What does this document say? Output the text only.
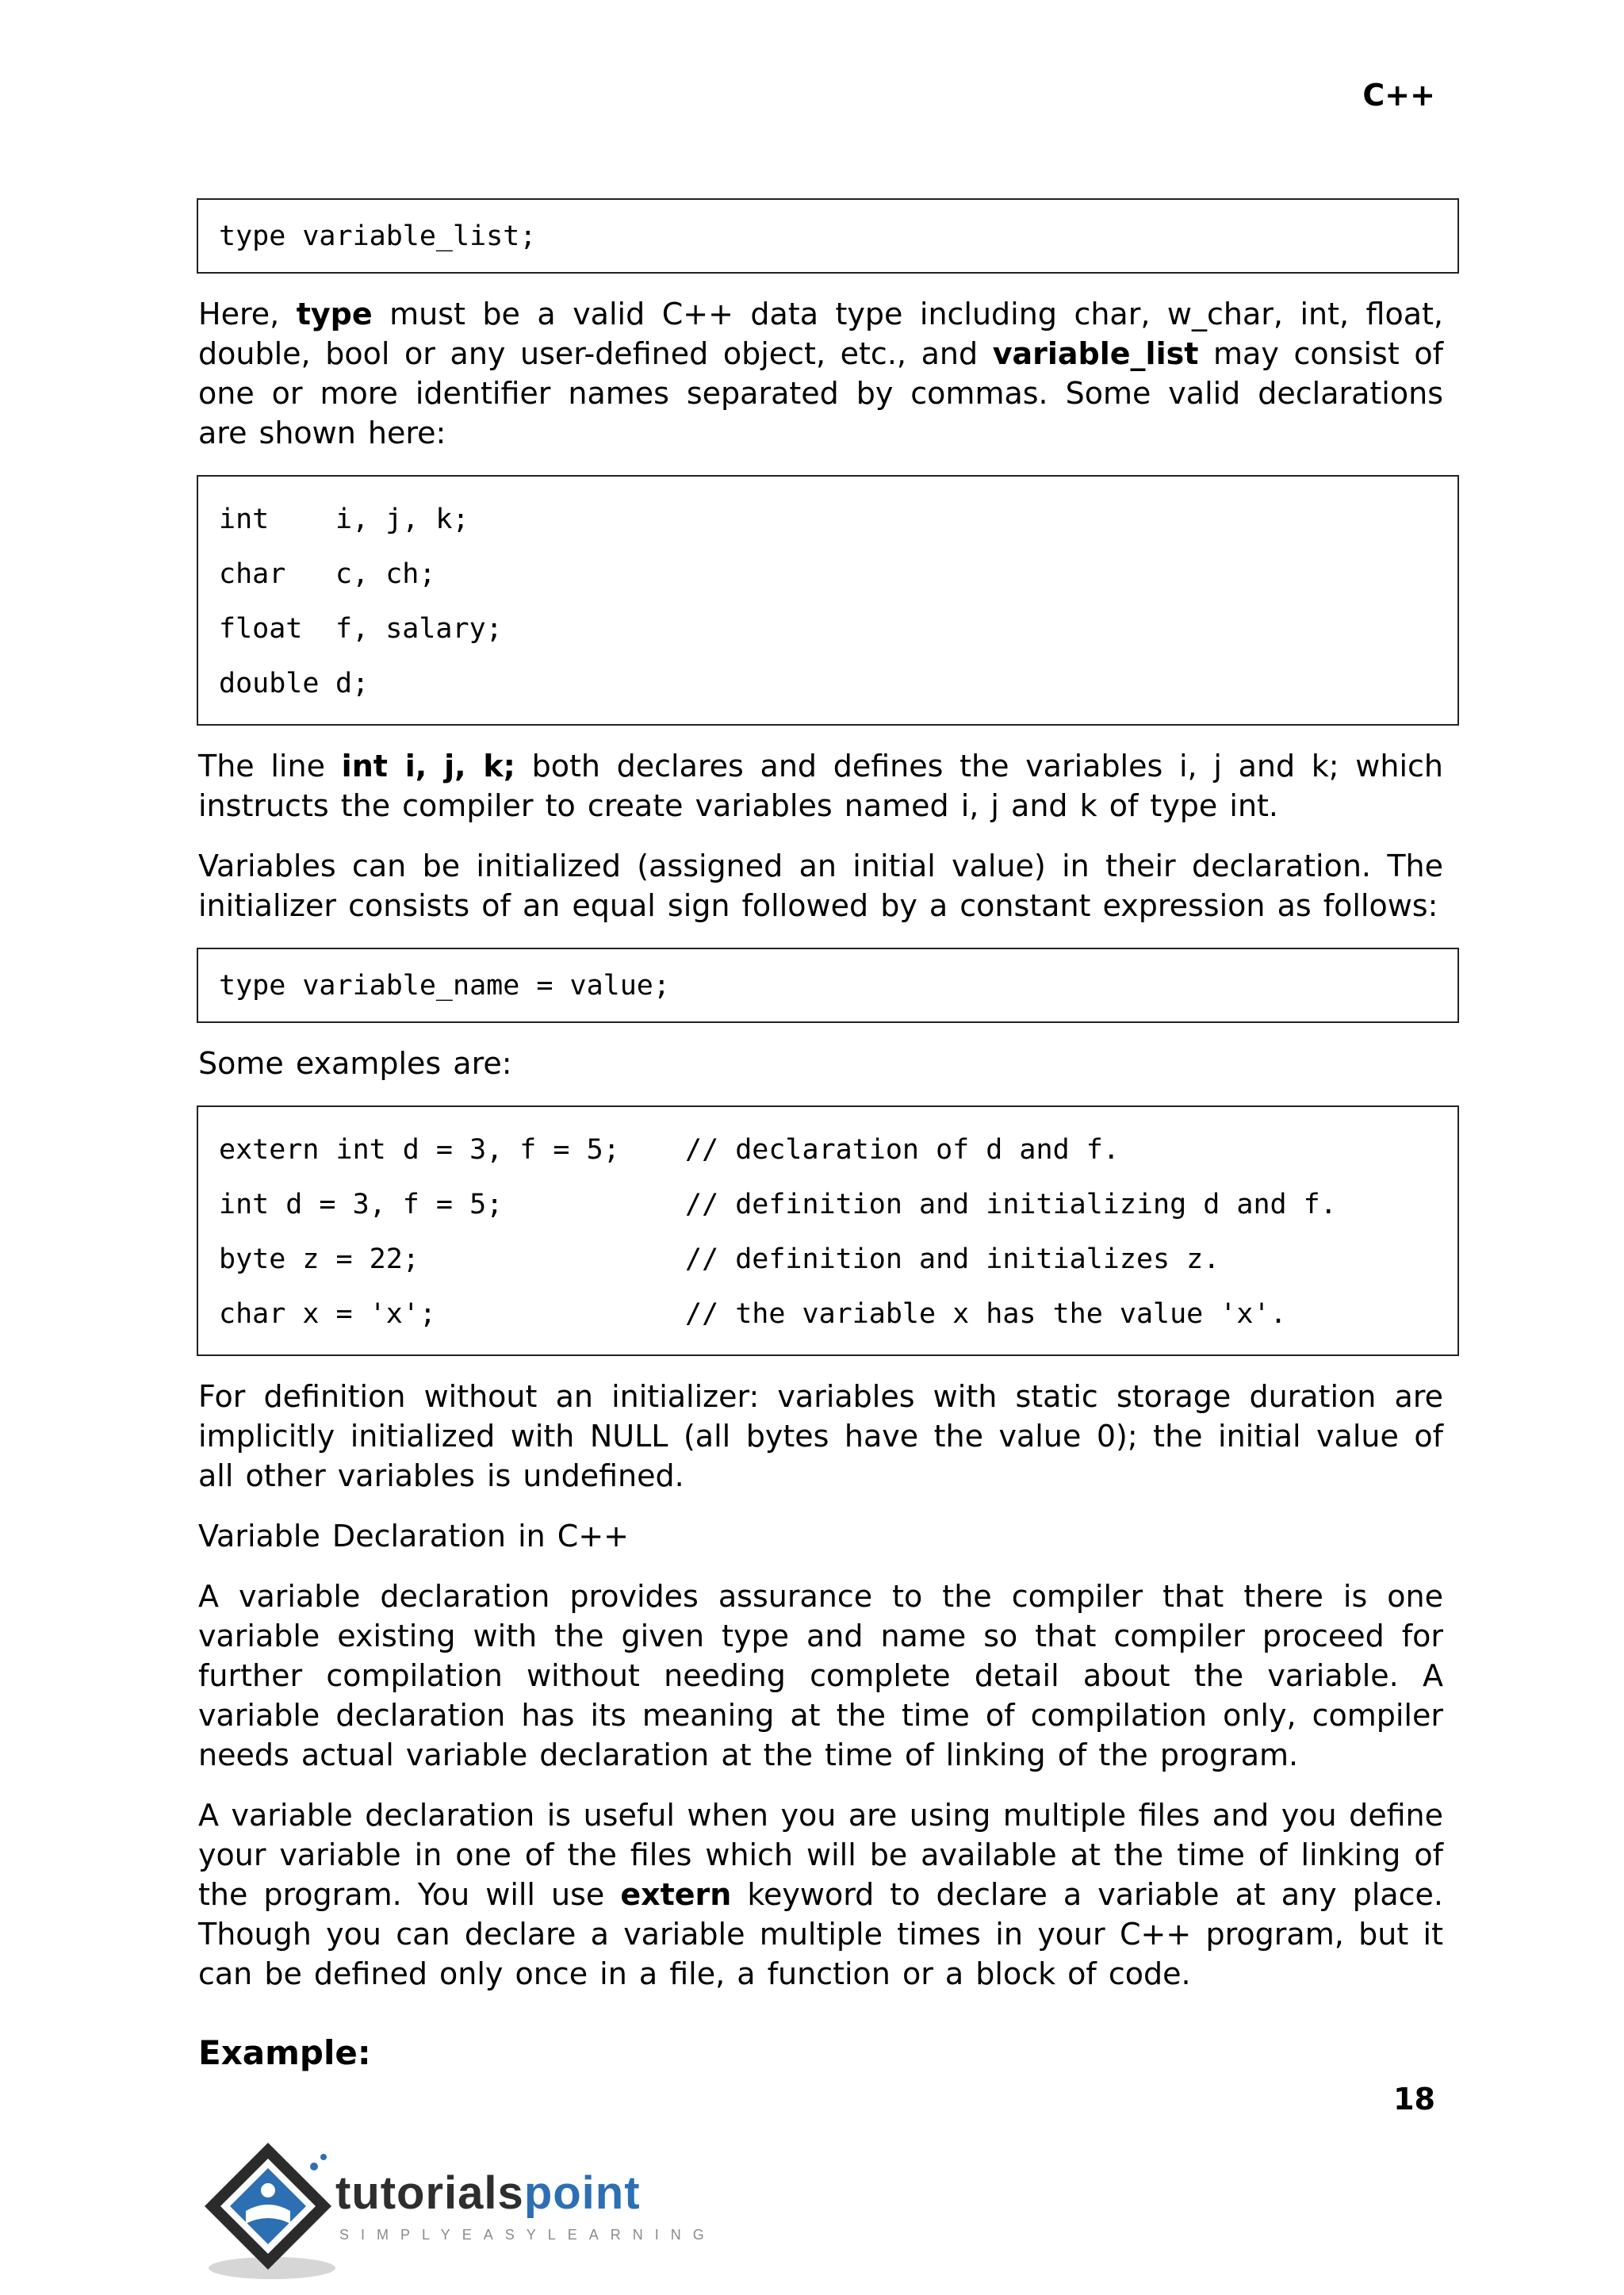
C++
type variable_list;

Here, type must be a valid C++ data type including char, w_char, int, float, double, bool or any user-defined object, etc., and variable_list may consist of one or more identifier names separated by commas. Some valid declarations are shown here:

int	i, j, k;
char	c, ch;
float	f, salary;
double d;

The line int i, j, k; both declares and defines the variables i, j and k; which instructs the compiler to create variables named i, j and k of type int.

Variables can be initialized (assigned an initial value) in their declaration. The initializer consists of an equal sign followed by a constant expression as follows:

type variable_name = value;

Some examples are:

extern int d = 3, f = 5;	// declaration of d and f.
int d = 3, f = 5;	// definition and initializing d and f.
byte z = 22;	// definition and initializes z.
char x = 'x';	// the variable x has the value 'x'.

For definition without an initializer: variables with static storage duration are implicitly initialized with NULL (all bytes have the value 0); the initial value of all other variables is undefined.

Variable Declaration in C++

A variable declaration provides assurance to the compiler that there is one variable existing with the given type and name so that compiler proceed for further compilation without needing complete detail about the variable. A variable declaration has its meaning at the time of compilation only, compiler needs actual variable declaration at the time of linking of the program.

A variable declaration is useful when you are using multiple files and you define your variable in one of the files which will be available at the time of linking of the program. You will use extern keyword to declare a variable at any place. Though you can declare a variable multiple times in your C++ program, but it can be defined only once in a file, a function or a block of code.

Example:
18
tutorialspoint
SIMPLYEASYLEARNING
